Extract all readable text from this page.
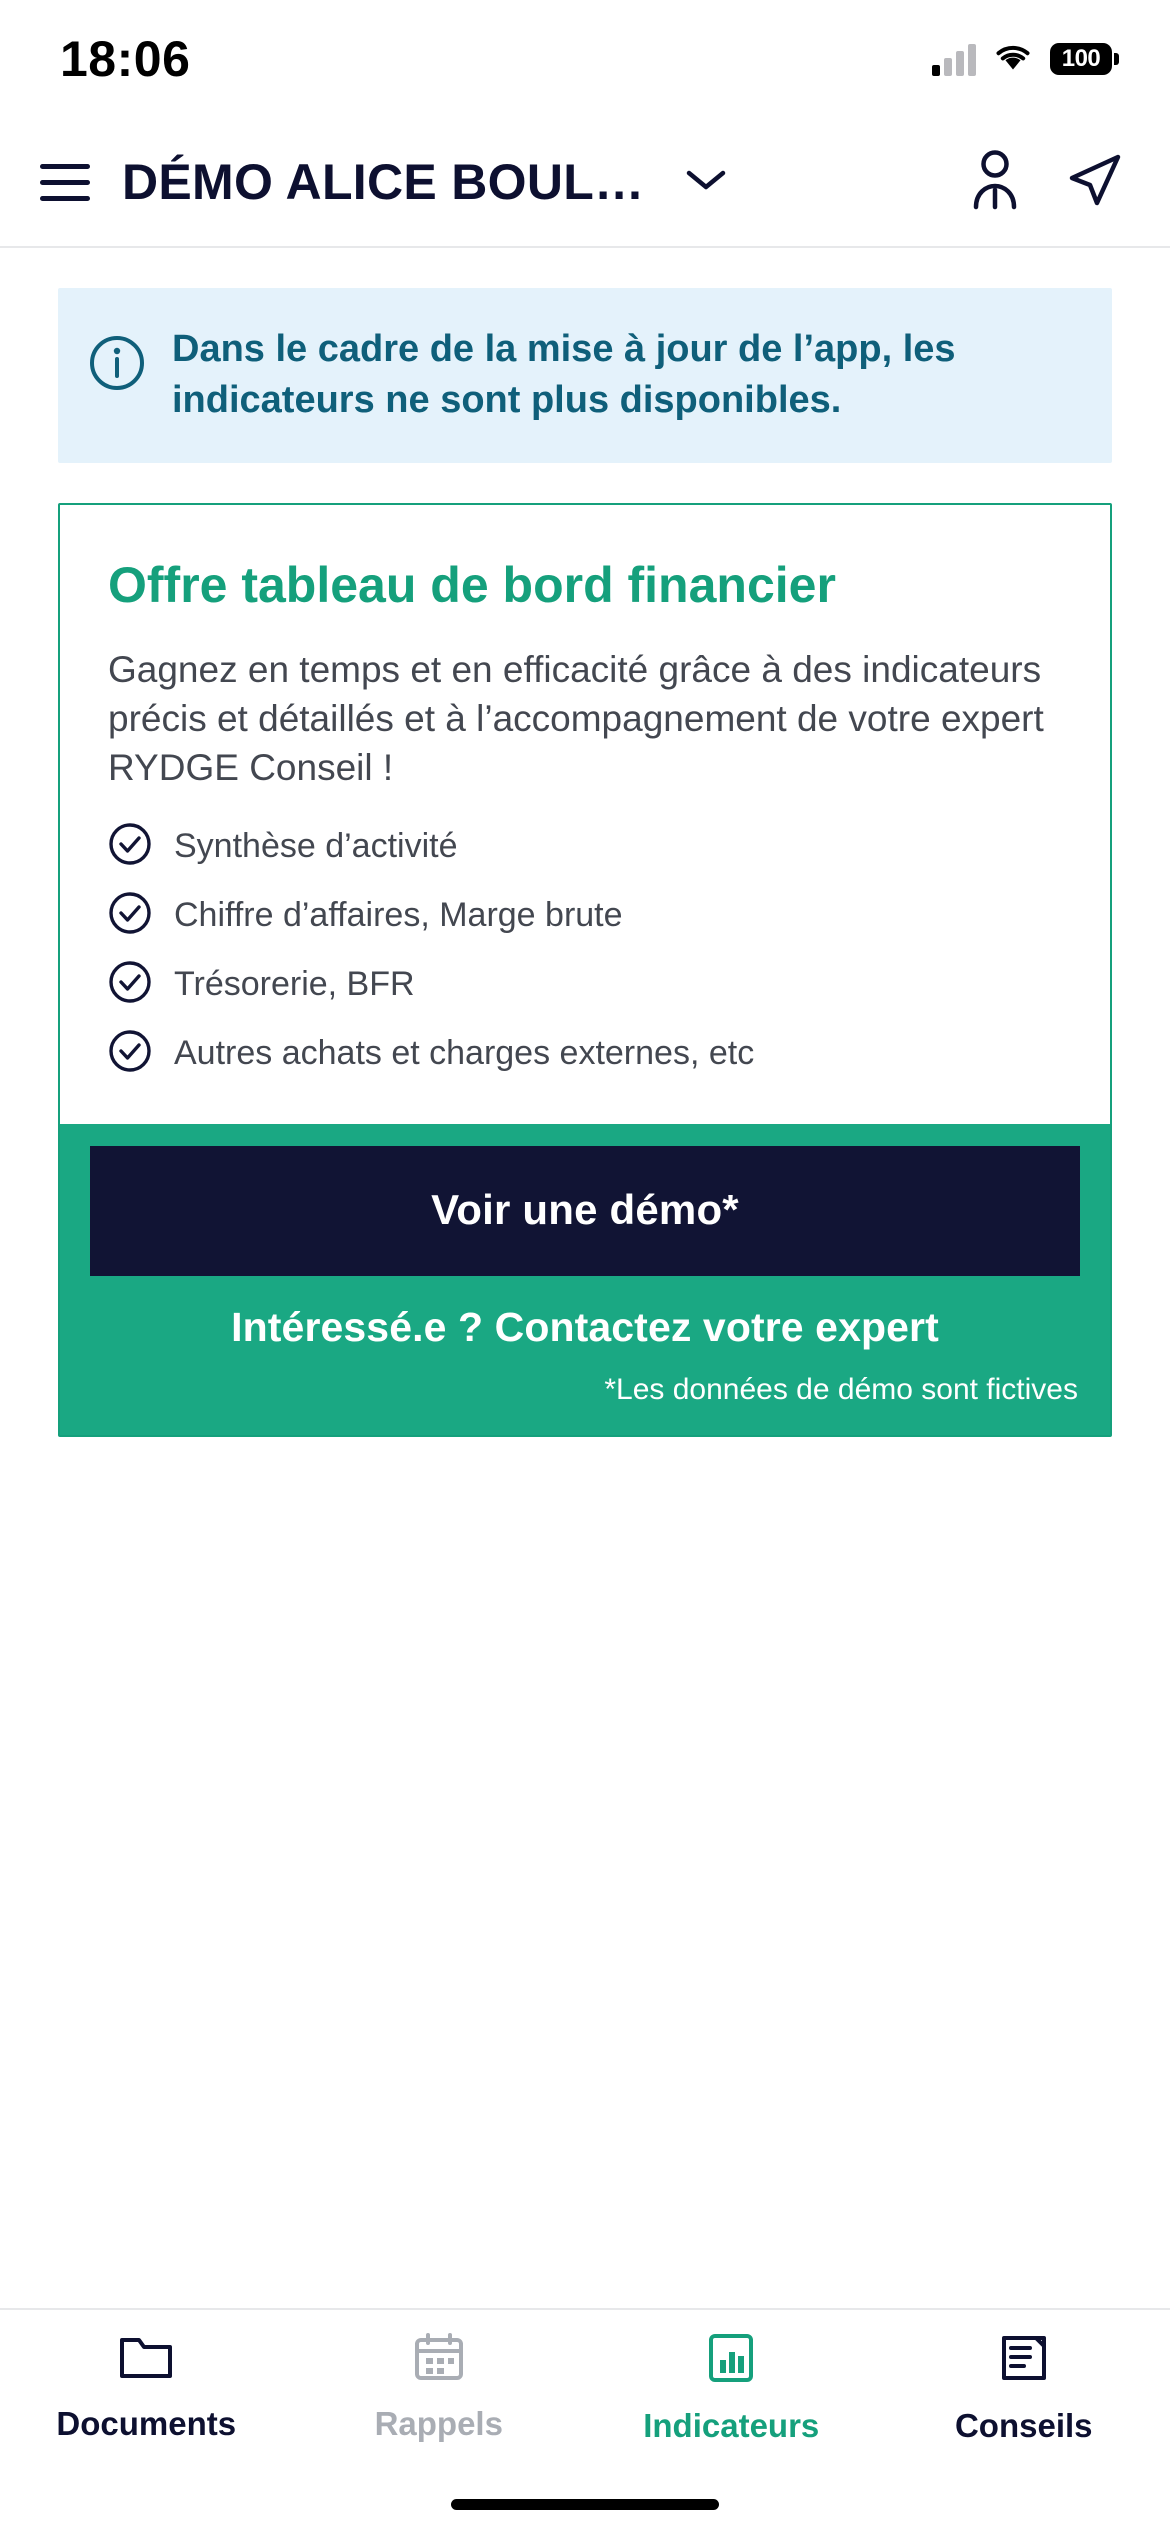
18:06	100
DÉMO ALICE BOUL…
Dans le cadre de la mise à jour de l’app, les indicateurs ne sont plus disponibles.
Offre tableau de bord financier

Gagnez en temps et en efficacité grâce à des indicateurs précis et détaillés et à l’accompagnement de votre expert RYDGE Conseil !

Synthèse d’activité
Chiffre d’affaires, Marge brute
Trésorerie, BFR
Autres achats et charges externes, etc
Voir une démo*
Intéressé.e ? Contactez votre expert
*Les données de démo sont fictives
Documents	Rappels	Indicateurs	Conseils
